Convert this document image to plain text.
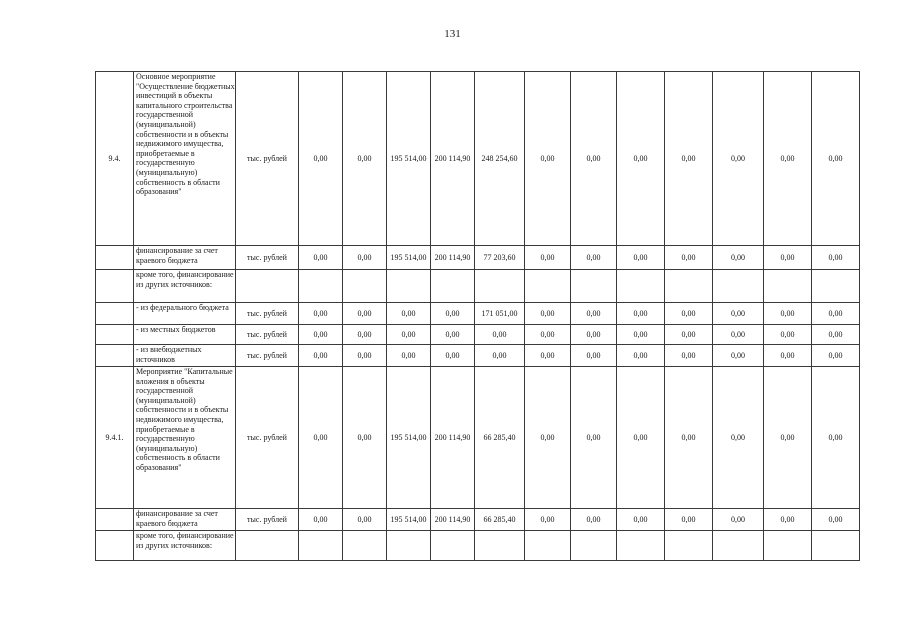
131
9.4.	Основное мероприятие "Осуществление бюджетных инвестиций в объекты капитального строительства государственной (муниципальной) собственности и в объекты недвижимого имущества, приобретаемые в государственную (муниципальную) собственность в области образования"	тыс. рублей	0,00	0,00	195 514,00	200 114,90	248 254,60	0,00	0,00	0,00	0,00	0,00	0,00	0,00
	финансирование за счет краевого бюджета	тыс. рублей	0,00	0,00	195 514,00	200 114,90	77 203,60	0,00	0,00	0,00	0,00	0,00	0,00	0,00
	кроме того, финансирование из других источников:													
	- из федерального бюджета	тыс. рублей	0,00	0,00	0,00	0,00	171 051,00	0,00	0,00	0,00	0,00	0,00	0,00	0,00
	- из местных бюджетов	тыс. рублей	0,00	0,00	0,00	0,00	0,00	0,00	0,00	0,00	0,00	0,00	0,00	0,00
	- из внебюджетных источников	тыс. рублей	0,00	0,00	0,00	0,00	0,00	0,00	0,00	0,00	0,00	0,00	0,00	0,00
9.4.1.	Мероприятие "Капитальные вложения в объекты государственной (муниципальной) собственности и в объекты недвижимого имущества, приобретаемые в государственную (муниципальную) собственность в области образования"	тыс. рублей	0,00	0,00	195 514,00	200 114,90	66 285,40	0,00	0,00	0,00	0,00	0,00	0,00	0,00
	финансирование за счет краевого бюджета	тыс. рублей	0,00	0,00	195 514,00	200 114,90	66 285,40	0,00	0,00	0,00	0,00	0,00	0,00	0,00
	кроме того, финансирование из других источников:													
